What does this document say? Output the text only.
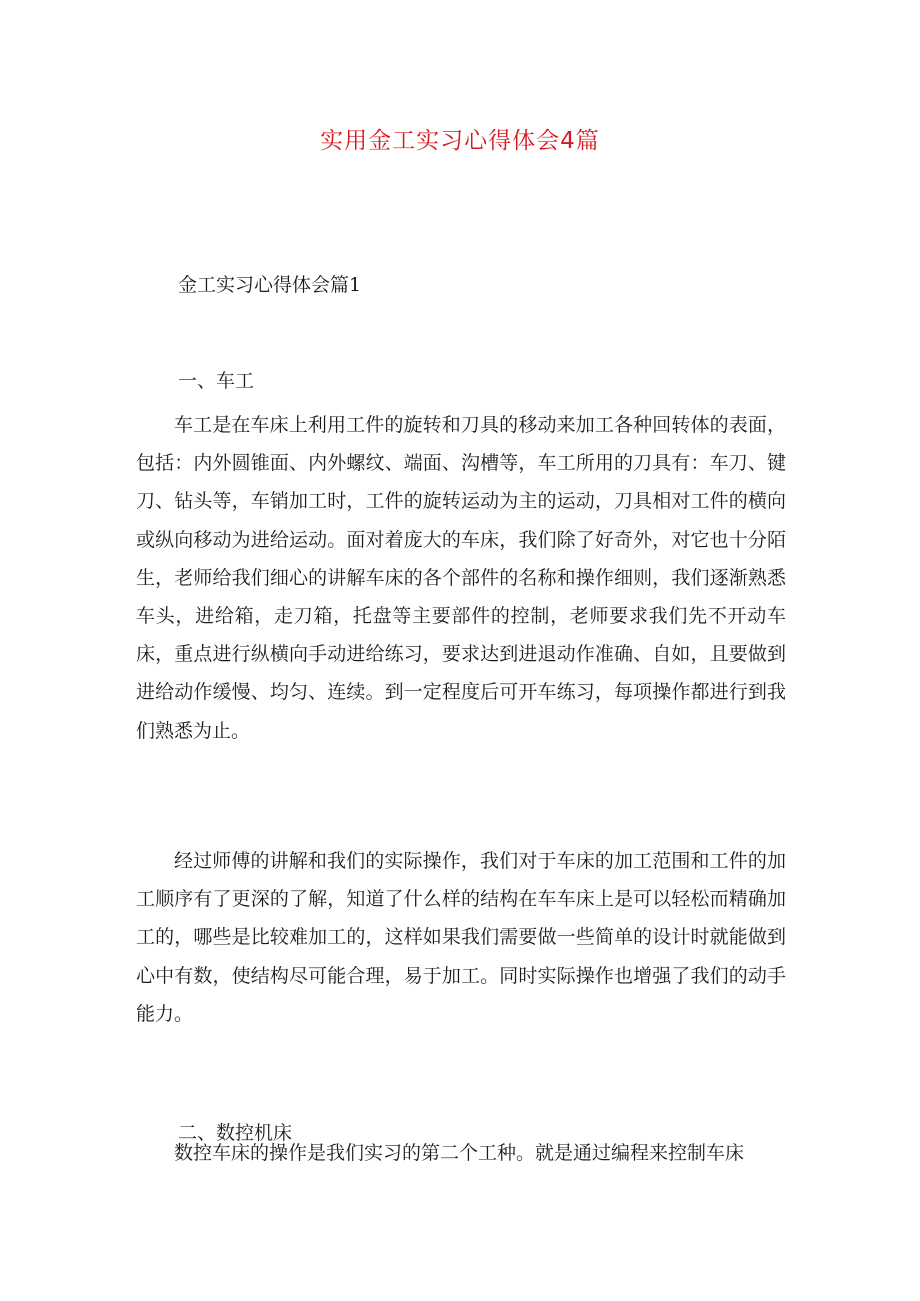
实用金工实习心得体会4篇
金工实习心得体会篇1
一、车工

车工是在车床上利用工件的旋转和刀具的移动来加工各种回转体的表面，包括：内外圆锥面、内外螺纹、端面、沟槽等，车工所用的刀具有：车刀、键刀、钻头等，车销加工时，工件的旋转运动为主的运动，刀具相对工件的横向或纵向移动为进给运动。面对着庞大的车床，我们除了好奇外，对它也十分陌生，老师给我们细心的讲解车床的各个部件的名称和操作细则，我们逐渐熟悉车头，进给箱，走刀箱，托盘等主要部件的控制，老师要求我们先不开动车床，重点进行纵横向手动进给练习，要求达到进退动作准确、自如，且要做到进给动作缓慢、均匀、连续。到一定程度后可开车练习，每项操作都进行到我们熟悉为止。

经过师傅的讲解和我们的实际操作，我们对于车床的加工范围和工件的加工顺序有了更深的了解，知道了什么样的结构在车车床上是可以轻松而精确加工的，哪些是比较难加工的，这样如果我们需要做一些简单的设计时就能做到心中有数，使结构尽可能合理，易于加工。同时实际操作也增强了我们的动手能力。

二、数控机床

数控车床的操作是我们实习的第二个工种。就是通过编程来控制车床
